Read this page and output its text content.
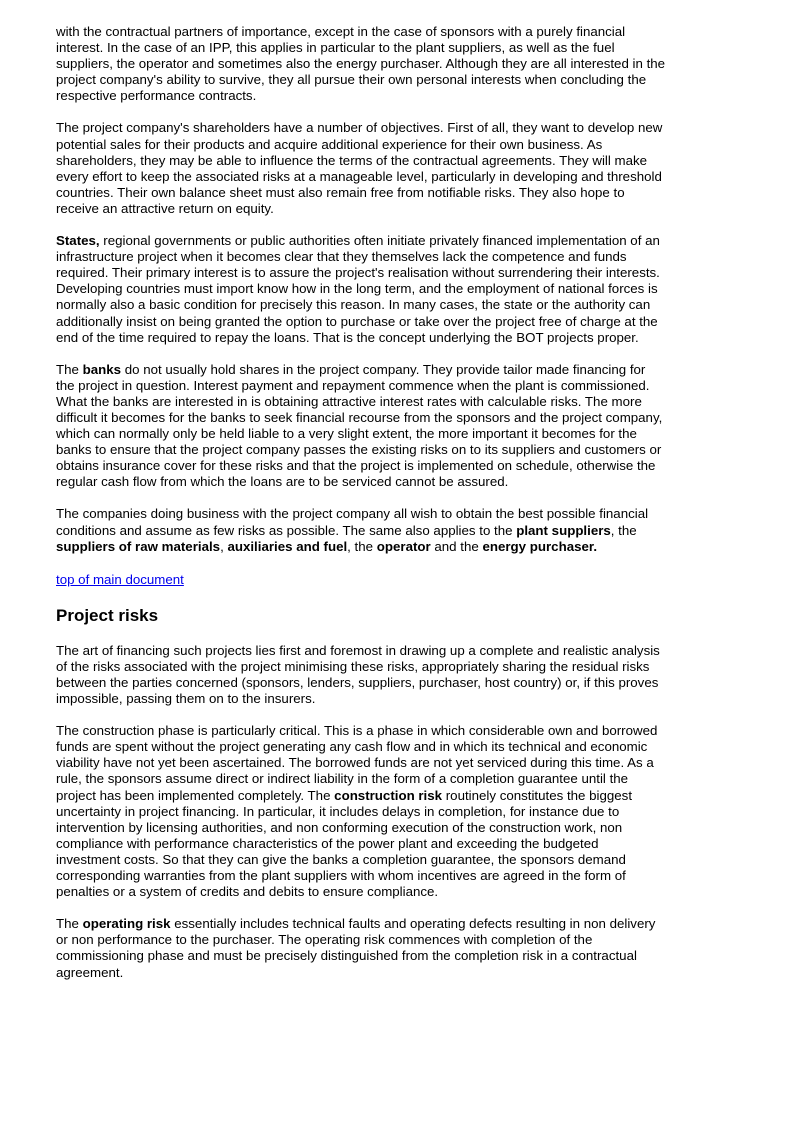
with the contractual partners of importance, except in the case of sponsors with a purely financial interest. In the case of an IPP, this applies in particular to the plant suppliers, as well as the fuel suppliers, the operator and sometimes also the energy purchaser. Although they are all interested in the project company's ability to survive, they all pursue their own personal interests when concluding the respective performance contracts.

The project company's shareholders have a number of objectives. First of all, they want to develop new potential sales for their products and acquire additional experience for their own business. As shareholders, they may be able to influence the terms of the contractual agreements. They will make every effort to keep the associated risks at a manageable level, particularly in developing and threshold countries. Their own balance sheet must also remain free from notifiable risks. They also hope to receive an attractive return on equity.

States, regional governments or public authorities often initiate privately financed implementation of an infrastructure project when it becomes clear that they themselves lack the competence and funds required. Their primary interest is to assure the project's realisation without surrendering their interests. Developing countries must import know how in the long term, and the employment of national forces is normally also a basic condition for precisely this reason. In many cases, the state or the authority can additionally insist on being granted the option to purchase or take over the project free of charge at the end of the time required to repay the loans. That is the concept underlying the BOT projects proper.

The banks do not usually hold shares in the project company. They provide tailor made financing for the project in question. Interest payment and repayment commence when the plant is commissioned. What the banks are interested in is obtaining attractive interest rates with calculable risks. The more difficult it becomes for the banks to seek financial recourse from the sponsors and the project company, which can normally only be held liable to a very slight extent, the more important it becomes for the banks to ensure that the project company passes the existing risks on to its suppliers and customers or obtains insurance cover for these risks and that the project is implemented on schedule, otherwise the regular cash flow from which the loans are to be serviced cannot be assured.

The companies doing business with the project company all wish to obtain the best possible financial conditions and assume as few risks as possible. The same also applies to the plant suppliers, the suppliers of raw materials, auxiliaries and fuel, the operator and the energy purchaser.

top of main document
Project risks

The art of financing such projects lies first and foremost in drawing up a complete and realistic analysis of the risks associated with the project minimising these risks, appropriately sharing the residual risks between the parties concerned (sponsors, lenders, suppliers, purchaser, host country) or, if this proves impossible, passing them on to the insurers.

The construction phase is particularly critical. This is a phase in which considerable own and borrowed funds are spent without the project generating any cash flow and in which its technical and economic viability have not yet been ascertained. The borrowed funds are not yet serviced during this time. As a rule, the sponsors assume direct or indirect liability in the form of a completion guarantee until the project has been implemented completely. The construction risk routinely constitutes the biggest uncertainty in project financing. In particular, it includes delays in completion, for instance due to intervention by licensing authorities, and non conforming execution of the construction work, non compliance with performance characteristics of the power plant and exceeding the budgeted investment costs. So that they can give the banks a completion guarantee, the sponsors demand corresponding warranties from the plant suppliers with whom incentives are agreed in the form of penalties or a system of credits and debits to ensure compliance.

The operating risk essentially includes technical faults and operating defects resulting in non delivery or non performance to the purchaser. The operating risk commences with completion of the commissioning phase and must be precisely distinguished from the completion risk in a contractual agreement.
